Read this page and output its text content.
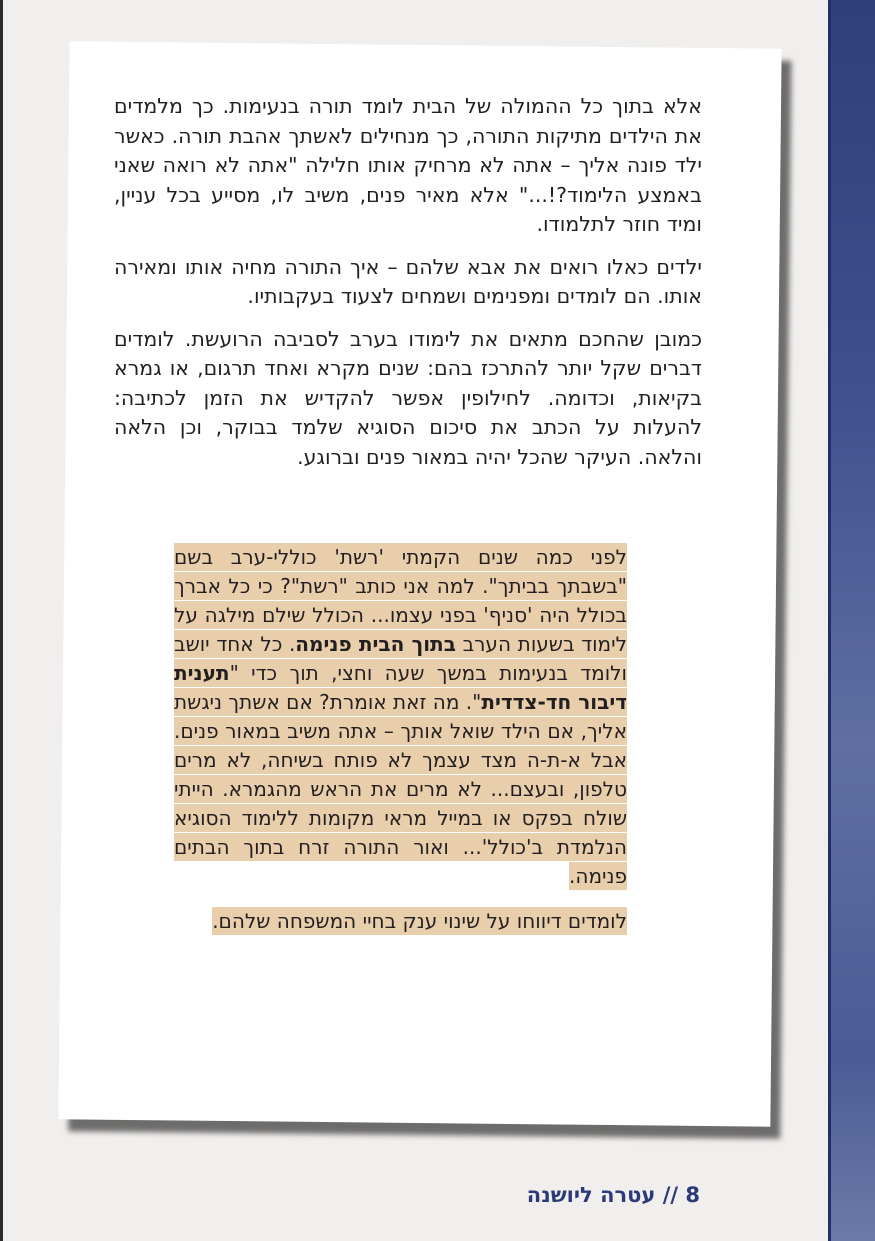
אלא בתוך כל ההמולה של הבית לומד תורה בנעימות. כך מלמדים את הילדים מתיקות התורה, כך מנחילים לאשתך אהבת תורה. כאשר ילד פונה אליך – אתה לא מרחיק אותו חלילה "אתה לא רואה שאני באמצע הלימוד?!..." אלא מאיר פנים, משיב לו, מסייע בכל עניין, ומיד חוזר לתלמודו.

ילדים כאלו רואים את אבא שלהם – איך התורה מחיה אותו ומאירה אותו. הם לומדים ומפנימים ושמחים לצעוד בעקבותיו.

כמובן שהחכם מתאים את לימודו בערב לסביבה הרועשת. לומדים דברים שקל יותר להתרכז בהם: שנים מקרא ואחד תרגום, או גמרא בקיאות, וכדומה. לחילופין אפשר להקדיש את הזמן לכתיבה: להעלות על הכתב את סיכום הסוגיא שלמד בבוקר, וכן הלאה והלאה. העיקר שהכל יהיה במאור פנים וברוגע.

לפני כמה שנים הקמתי 'רשת' כוללי-ערב בשם "בשבתך בביתך". למה אני כותב "רשת"? כי כל אברך בכולל היה 'סניף' בפני עצמו... הכולל שילם מילגה על לימוד בשעות הערב בתוך הבית פנימה. כל אחד יושב ולומד בנעימות במשך שעה וחצי, תוך כדי "תענית דיבור חד-צדדית". מה זאת אומרת? אם אשתך ניגשת אליך, אם הילד שואל אותך – אתה משיב במאור פנים. אבל א-ת-ה מצד עצמך לא פותח בשיחה, לא מרים טלפון, ובעצם... לא מרים את הראש מהגמרא. הייתי שולח בפקס או במייל מראי מקומות ללימוד הסוגיא הנלמדת ב'כולל'... ואור התורה זרח בתוך הבתים פנימה.

לומדים דיווחו על שינוי ענק בחיי המשפחה שלהם.

8 // עטרה ליושנה
